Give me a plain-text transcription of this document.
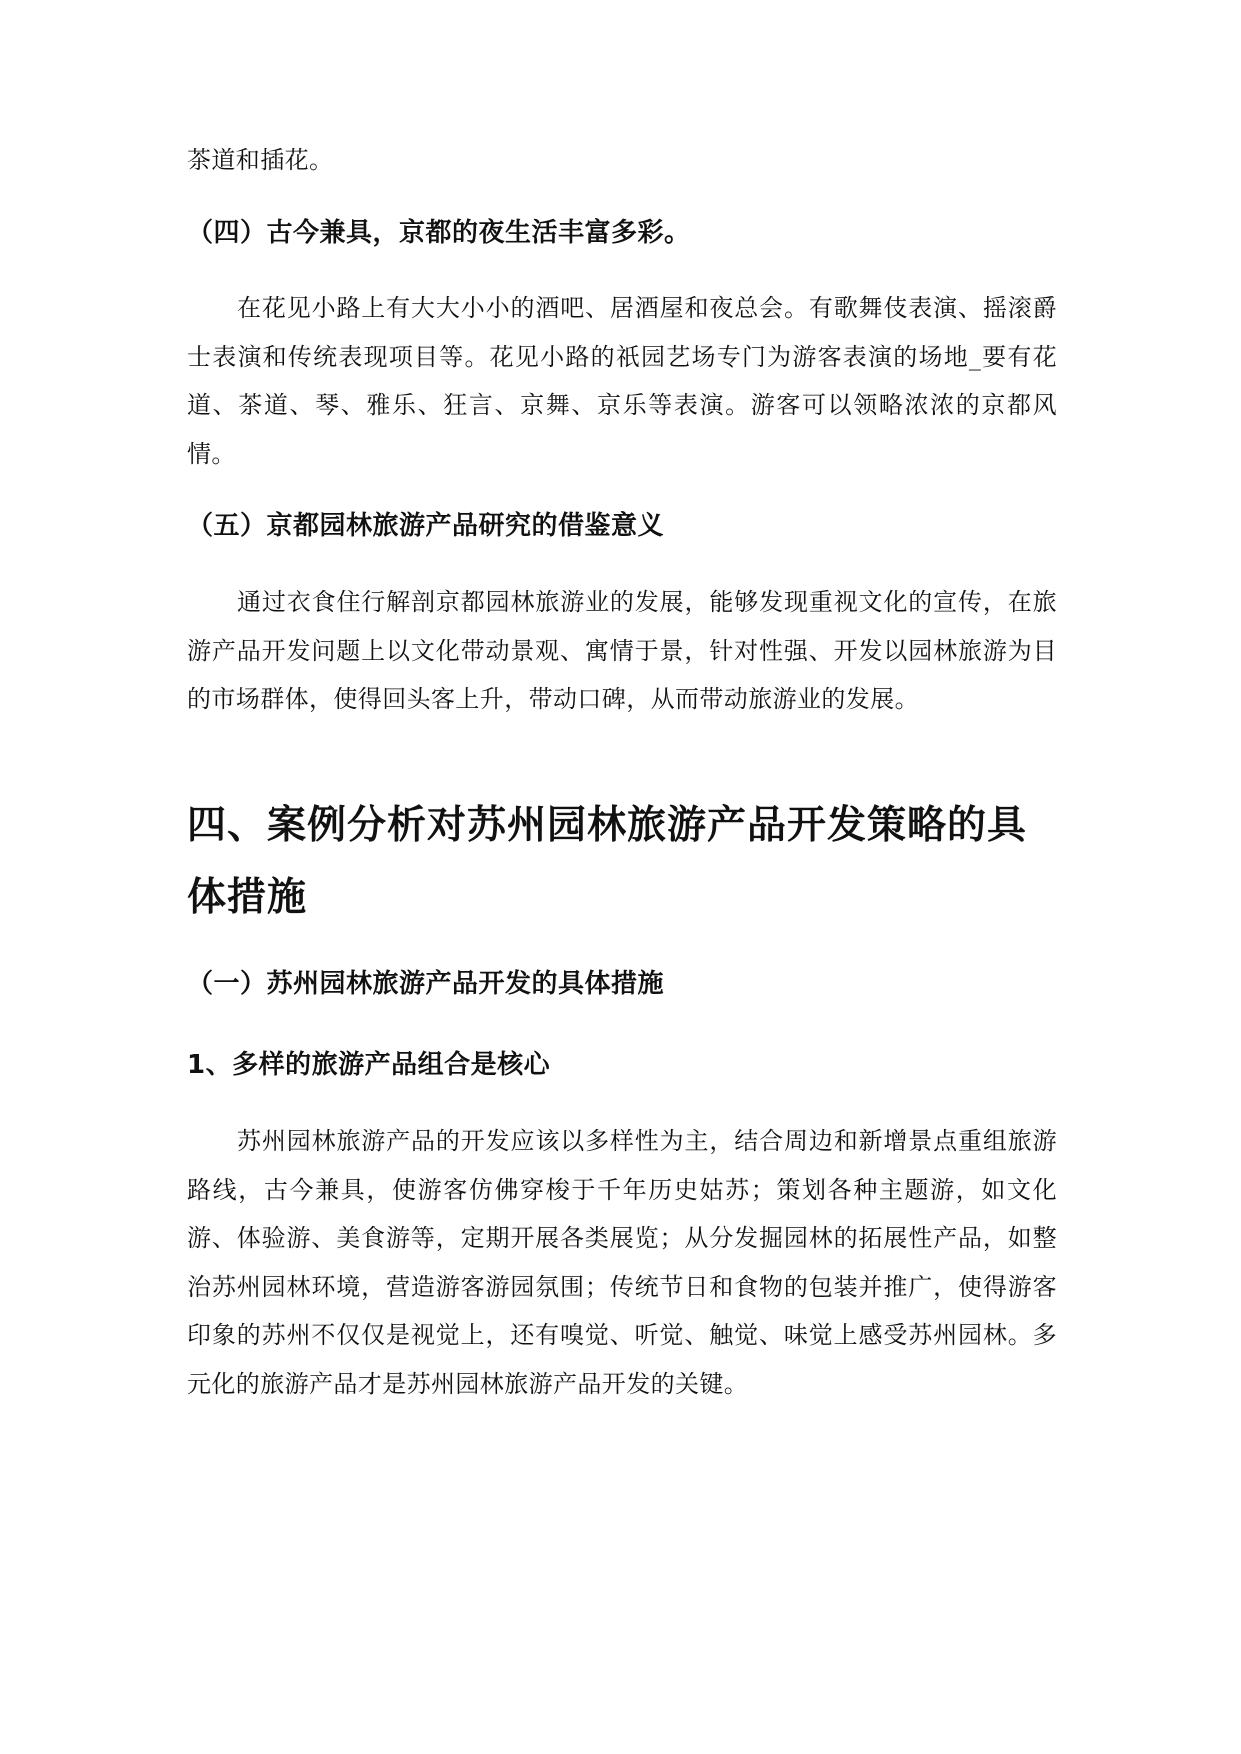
茶道和插花。

（四）古今兼具，京都的夜生活丰富多彩。

在花见小路上有大大小小的酒吧、居酒屋和夜总会。有歌舞伎表演、摇滚爵士表演和传统表现项目等。花见小路的祇园艺场专门为游客表演的场地_要有花道、茶道、琴、雅乐、狂言、京舞、京乐等表演。游客可以领略浓浓的京都风情。

（五）京都园林旅游产品研究的借鉴意义

通过衣食住行解剖京都园林旅游业的发展，能够发现重视文化的宣传，在旅游产品开发问题上以文化带动景观、寓情于景，针对性强、开发以园林旅游为目的市场群体，使得回头客上升，带动口碑，从而带动旅游业的发展。

四、案例分析对苏州园林旅游产品开发策略的具体措施
（一）苏州园林旅游产品开发的具体措施
1、多样的旅游产品组合是核心

苏州园林旅游产品的开发应该以多样性为主，结合周边和新增景点重组旅游路线，古今兼具，使游客仿佛穿梭于千年历史姑苏；策划各种主题游，如文化游、体验游、美食游等，定期开展各类展览；从分发掘园林的拓展性产品，如整治苏州园林环境，营造游客游园氛围；传统节日和食物的包装并推广，使得游客印象的苏州不仅仅是视觉上，还有嗅觉、听觉、触觉、味觉上感受苏州园林。多元化的旅游产品才是苏州园林旅游产品开发的关键。
